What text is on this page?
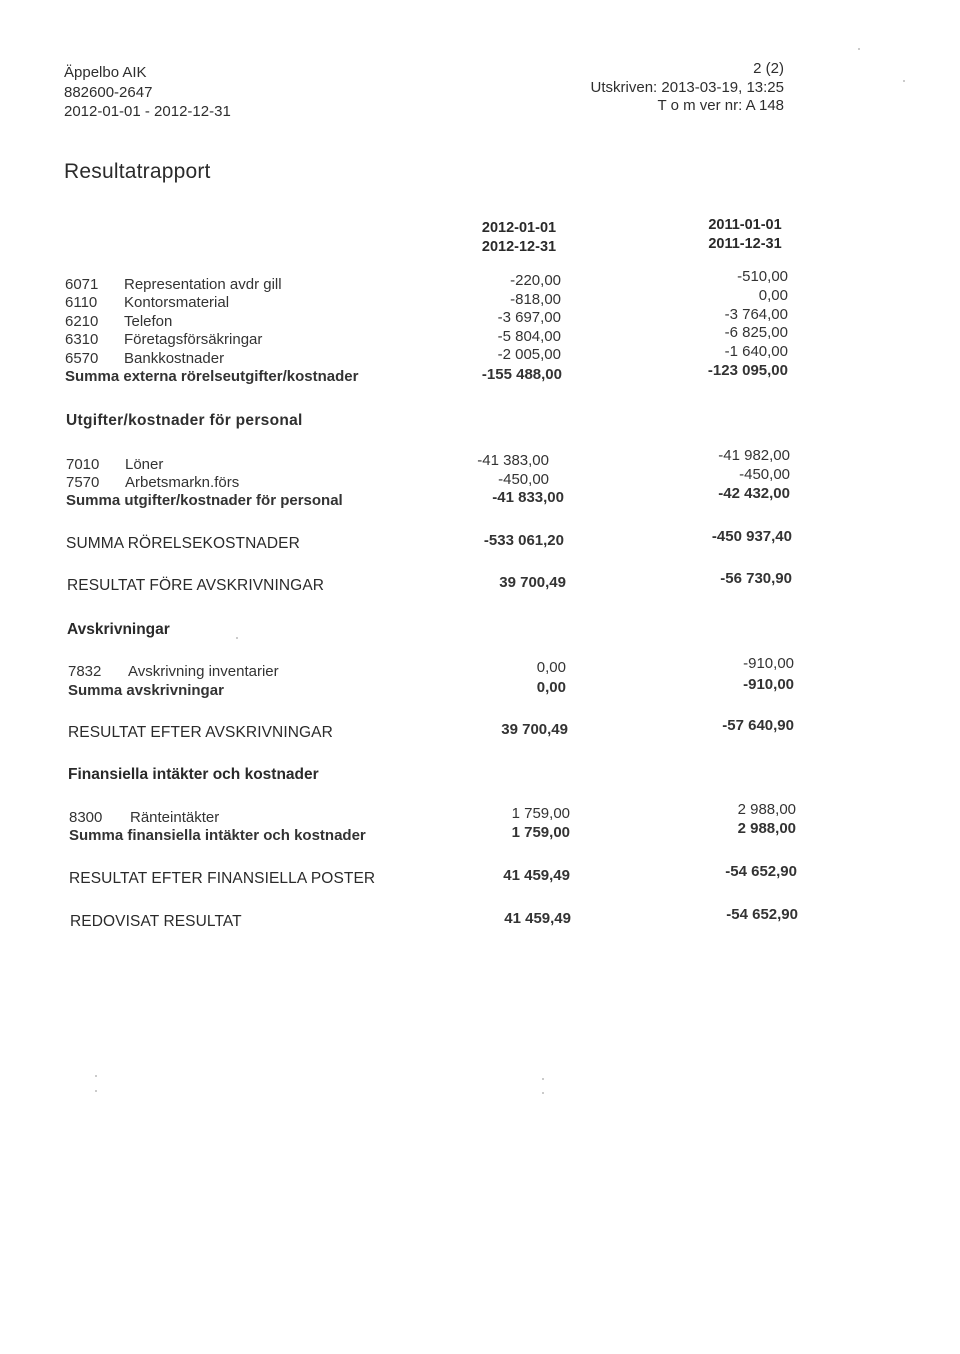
Äppelbo AIK
882600-2647
2012-01-01 - 2012-12-31
2 (2)
Utskriven: 2013-03-19, 13:25
T o m ver nr: A 148
Resultatrapport
2012-01-01
2012-12-31
2011-01-01
2011-12-31
6071 Representation avdr gill	-220,00	-510,00
6110 Kontorsmaterial	-818,00	0,00
6210 Telefon	-3 697,00	-3 764,00
6310 Företagsförsäkringar	-5 804,00	-6 825,00
6570 Bankkostnader	-2 005,00	-1 640,00
Summa externa rörelseutgifter/kostnader	-155 488,00	-123 095,00
Utgifter/kostnader för personal
7010 Löner	-41 383,00	-41 982,00
7570 Arbetsmarkn.förs	-450,00	-450,00
Summa utgifter/kostnader för personal	-41 833,00	-42 432,00
SUMMA RÖRELSEKOSTNADER	-533 061,20	-450 937,40
RESULTAT FÖRE AVSKRIVNINGAR	39 700,49	-56 730,90
Avskrivningar
7832 Avskrivning inventarier	0,00	-910,00
Summa avskrivningar	0,00	-910,00
RESULTAT EFTER AVSKRIVNINGAR	39 700,49	-57 640,90
Finansiella intäkter och kostnader
8300 Ränteintäkter	1 759,00	2 988,00
Summa finansiella intäkter och kostnader	1 759,00	2 988,00
RESULTAT EFTER FINANSIELLA POSTER	41 459,49	-54 652,90
REDOVISAT RESULTAT	41 459,49	-54 652,90
